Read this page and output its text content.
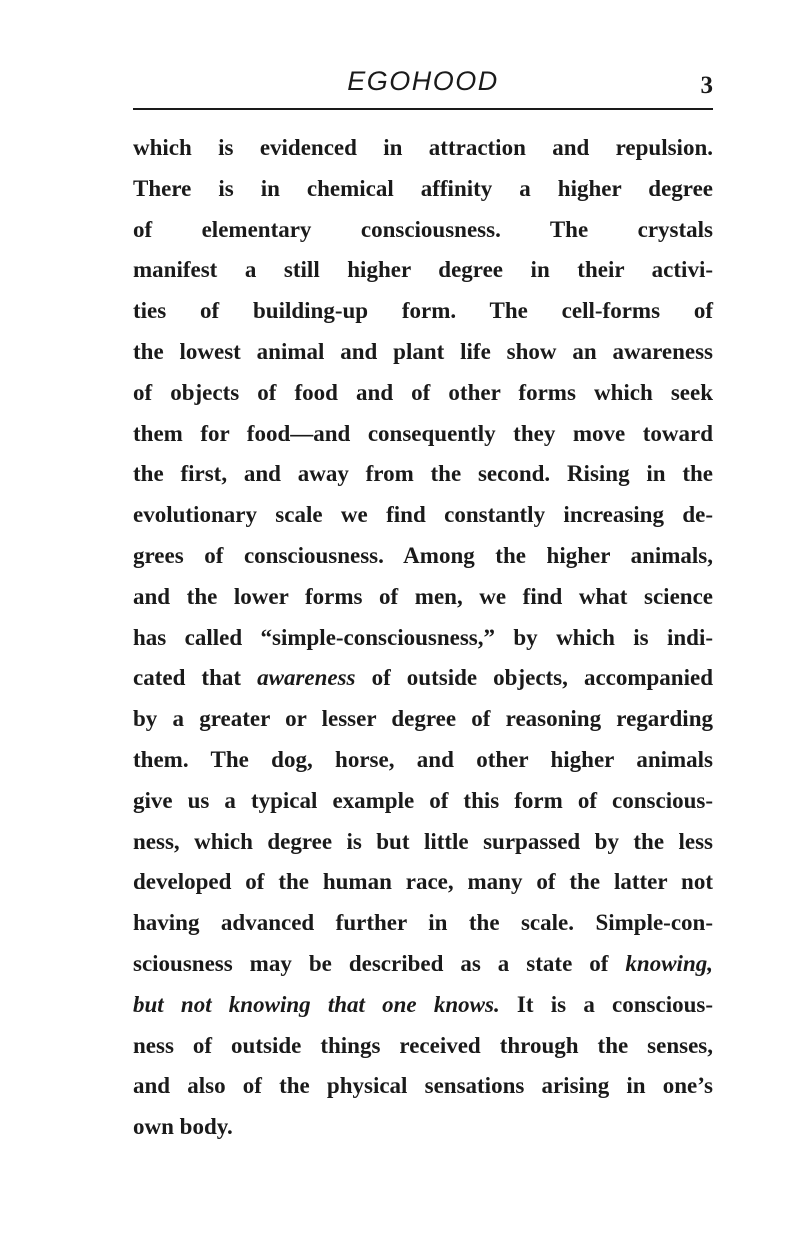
EGOHOOD	3
which is evidenced in attraction and repulsion.
There is in chemical affinity a higher degree
of elementary consciousness. The crystals
manifest a still higher degree in their activi-
ties of building-up form. The cell-forms of
the lowest animal and plant life show an awareness
of objects of food and of other forms which seek
them for food—and consequently they move toward
the first, and away from the second. Rising in the
evolutionary scale we find constantly increasing de-
grees of consciousness. Among the higher animals,
and the lower forms of men, we find what science
has called “simple-consciousness,” by which is indi-
cated that awareness of outside objects, accompanied
by a greater or lesser degree of reasoning regarding
them. The dog, horse, and other higher animals
give us a typical example of this form of conscious-
ness, which degree is but little surpassed by the less
developed of the human race, many of the latter not
having advanced further in the scale. Simple-con-
sciousness may be described as a state of knowing,
but not knowing that one knows. It is a conscious-
ness of outside things received through the senses,
and also of the physical sensations arising in one’s
own body.
